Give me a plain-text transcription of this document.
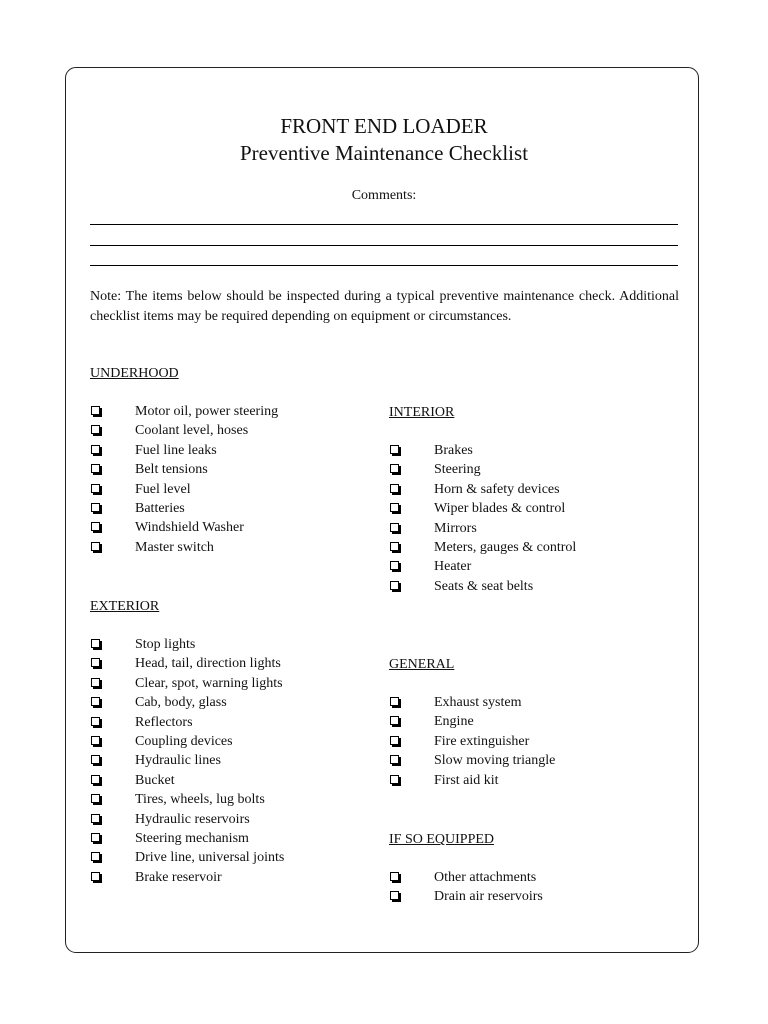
FRONT END LOADER
Preventive Maintenance Checklist
Comments:
Note: The items below should be inspected during a typical preventive maintenance check. Additional checklist items may be required depending on equipment or circumstances.
UNDERHOOD
Motor oil, power steering
Coolant level, hoses
Fuel line leaks
Belt tensions
Fuel level
Batteries
Windshield Washer
Master switch
EXTERIOR
Stop lights
Head, tail, direction lights
Clear, spot, warning lights
Cab, body, glass
Reflectors
Coupling devices
Hydraulic lines
Bucket
Tires, wheels, lug bolts
Hydraulic reservoirs
Steering mechanism
Drive line, universal joints
Brake reservoir
INTERIOR
Brakes
Steering
Horn & safety devices
Wiper blades & control
Mirrors
Meters, gauges & control
Heater
Seats & seat belts
GENERAL
Exhaust system
Engine
Fire extinguisher
Slow moving triangle
First aid kit
IF SO EQUIPPED
Other attachments
Drain air reservoirs
